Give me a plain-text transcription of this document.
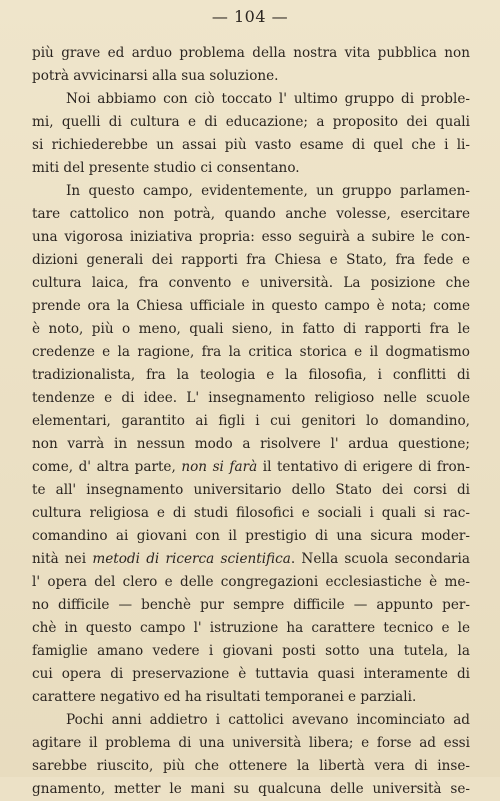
— 104 —
più grave ed arduo problema della nostra vita pubblica non
potrà avvicinarsi alla sua soluzione.
Noi abbiamo con ciò toccato l' ultimo gruppo di proble-
mi, quelli di cultura e di educazione; a proposito dei quali
si richiederebbe un assai più vasto esame di quel che i li-
miti del presente studio ci consentano.
In questo campo, evidentemente, un gruppo parlamen-
tare cattolico non potrà, quando anche volesse, esercitare
una vigorosa iniziativa propria: esso seguirà a subire le con-
dizioni generali dei rapporti fra Chiesa e Stato, fra fede e
cultura laica, fra convento e università. La posizione che
prende ora la Chiesa ufficiale in questo campo è nota; come
è noto, più o meno, quali sieno, in fatto di rapporti fra le
credenze e la ragione, fra la critica storica e il dogmatismo
tradizionalista, fra la teologia e la filosofia, i conflitti di
tendenze e di idee. L' insegnamento religioso nelle scuole
elementari, garantito ai figli i cui genitori lo domandino,
non varrà in nessun modo a risolvere l' ardua questione;
come, d' altra parte, non si farà il tentativo di erigere di fron-
te all' insegnamento universitario dello Stato dei corsi di
cultura religiosa e di studi filosofici e sociali i quali si rac-
comandino ai giovani con il prestigio di una sicura moder-
nità nei metodi di ricerca scientifica. Nella scuola secondaria
l' opera del clero e delle congregazioni ecclesiastiche è me-
no difficile — benchè pur sempre difficile — appunto per-
chè in questo campo l' istruzione ha carattere tecnico e le
famiglie amano vedere i giovani posti sotto una tutela, la
cui opera di preservazione è tuttavia quasi interamente di
carattere negativo ed ha risultati temporanei e parziali.
Pochi anni addietro i cattolici avevano incominciato ad
agitare il problema di una università libera; e forse ad essi
sarebbe riuscito, più che ottenere la libertà vera di inse-
gnamento, metter le mani su qualcuna delle università se-
